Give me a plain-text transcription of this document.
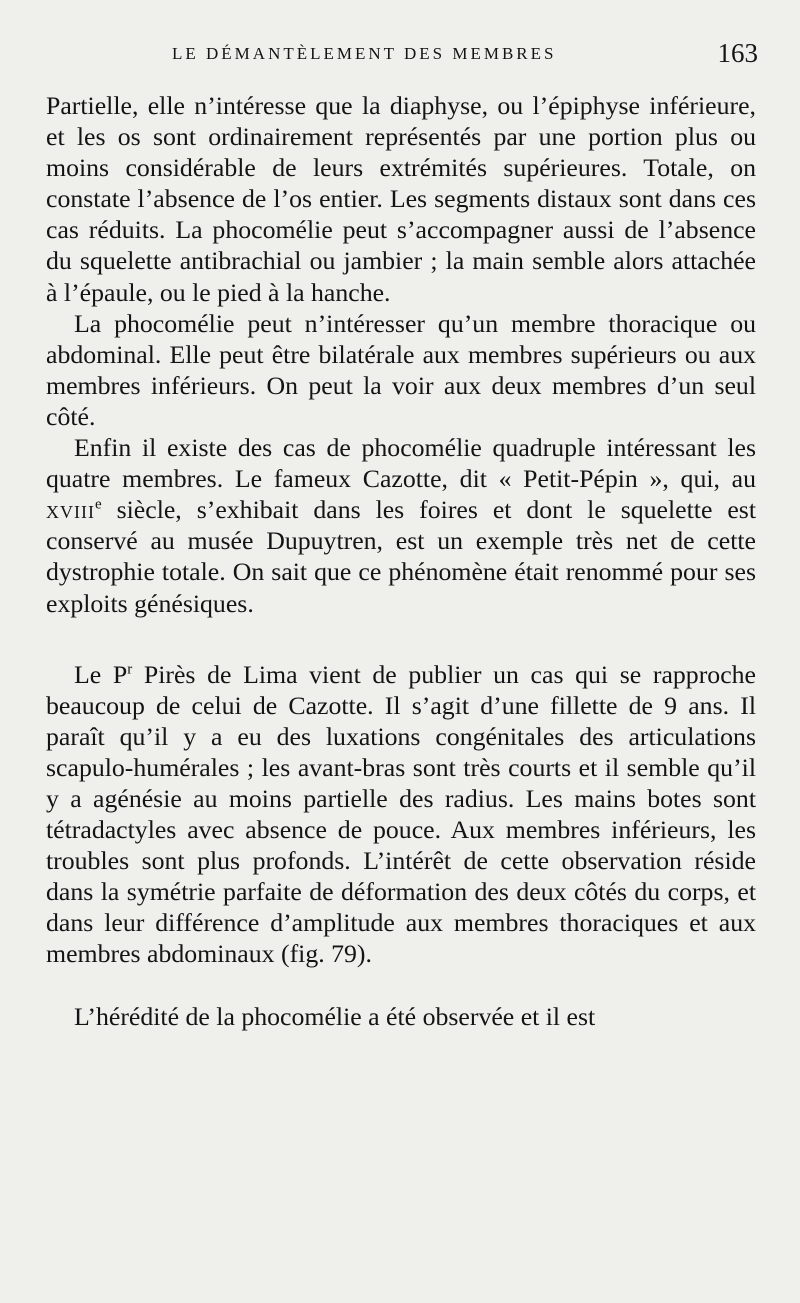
LE DÉMANTÈLEMENT DES MEMBRES	163

Partielle, elle n’intéresse que la diaphyse, ou l’épiphyse inférieure, et les os sont ordinairement représentés par une portion plus ou moins considérable de leurs extrémités supérieures. Totale, on constate l’absence de l’os entier. Les segments distaux sont dans ces cas réduits. La phocomélie peut s’accompagner aussi de l’absence du squelette antibrachial ou jambier ; la main semble alors attachée à l’épaule, ou le pied à la hanche.

La phocomélie peut n’intéresser qu’un membre thoracique ou abdominal. Elle peut être bilatérale aux membres supérieurs ou aux membres inférieurs. On peut la voir aux deux membres d’un seul côté.

Enfin il existe des cas de phocomélie quadruple intéressant les quatre membres. Le fameux Cazotte, dit « Petit-Pépin », qui, au xviii$^e$ siècle, s’exhibait dans les foires et dont le squelette est conservé au musée Dupuytren, est un exemple très net de cette dystrophie totale. On sait que ce phénomène était renommé pour ses exploits génésiques.

Le $P^r$ Pirès de Lima vient de publier un cas qui se rapproche beaucoup de celui de Cazotte. Il s’agit d’une fillette de 9 ans. Il paraît qu’il y a eu des luxations congénitales des articulations scapulo-humérales ; les avant-bras sont très courts et il semble qu’il y a agénésie au moins partielle des radius. Les mains botes sont tétradactyles avec absence de pouce. Aux membres inférieurs, les troubles sont plus profonds. L’intérêt de cette observation réside dans la symétrie parfaite de déformation des deux côtés du corps, et dans leur différence d’amplitude aux membres thoraciques et aux membres abdominaux (fig. 79).

L’hérédité de la phocomélie a été observée et il est
